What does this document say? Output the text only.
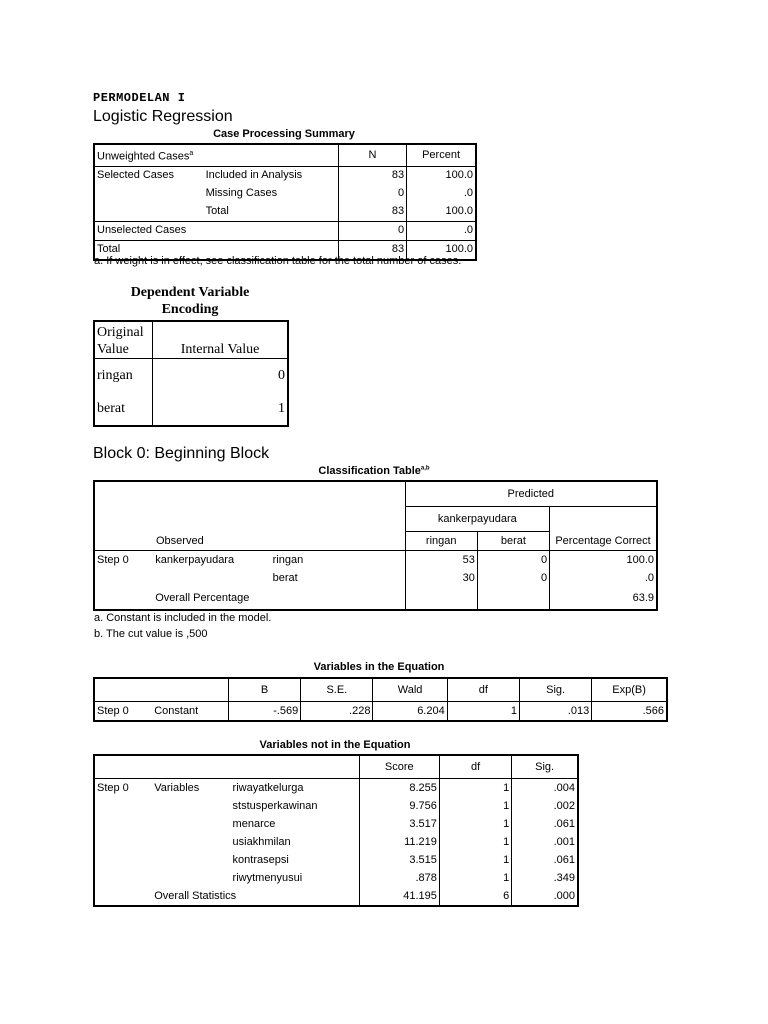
PERMODELAN I
Logistic Regression
Case Processing Summary
Unweighted Cases$^a$		N	Percent
Selected Cases	Included in Analysis	83	100.0
	Missing Cases	0	.0
	Total	83	100.0
Unselected Cases		0	.0
Total		83	100.0
a. If weight is in effect, see classification table for the total number of cases.
Dependent Variable
Encoding
Original Value	Internal Value
ringan	0
berat	1
Block 0: Beginning Block
Classification Table$^{a,b}$
Observed			Predicted		
			kankerpayudara		Percentage Correct
			ringan	berat	
Step 0	kankerpayudara	ringan	53	0	100.0
		berat	30	0	.0
	Overall Percentage				63.9
a. Constant is included in the model.
b. The cut value is ,500
Variables in the Equation
		B	S.E.	Wald	df	Sig.	Exp(B)
Step 0	Constant	-.569	.228	6.204	1	.013	.566
Variables not in the Equation
			Score	df	Sig.
Step 0	Variables	riwayatkelurga	8.255	1	.004
		ststusperkawinan	9.756	1	.002
		menarce	3.517	1	.061
		usiakhmilan	11.219	1	.001
		kontrasepsi	3.515	1	.061
		riwytmenyusui	.878	1	.349
	Overall Statistics		41.195	6	.000
